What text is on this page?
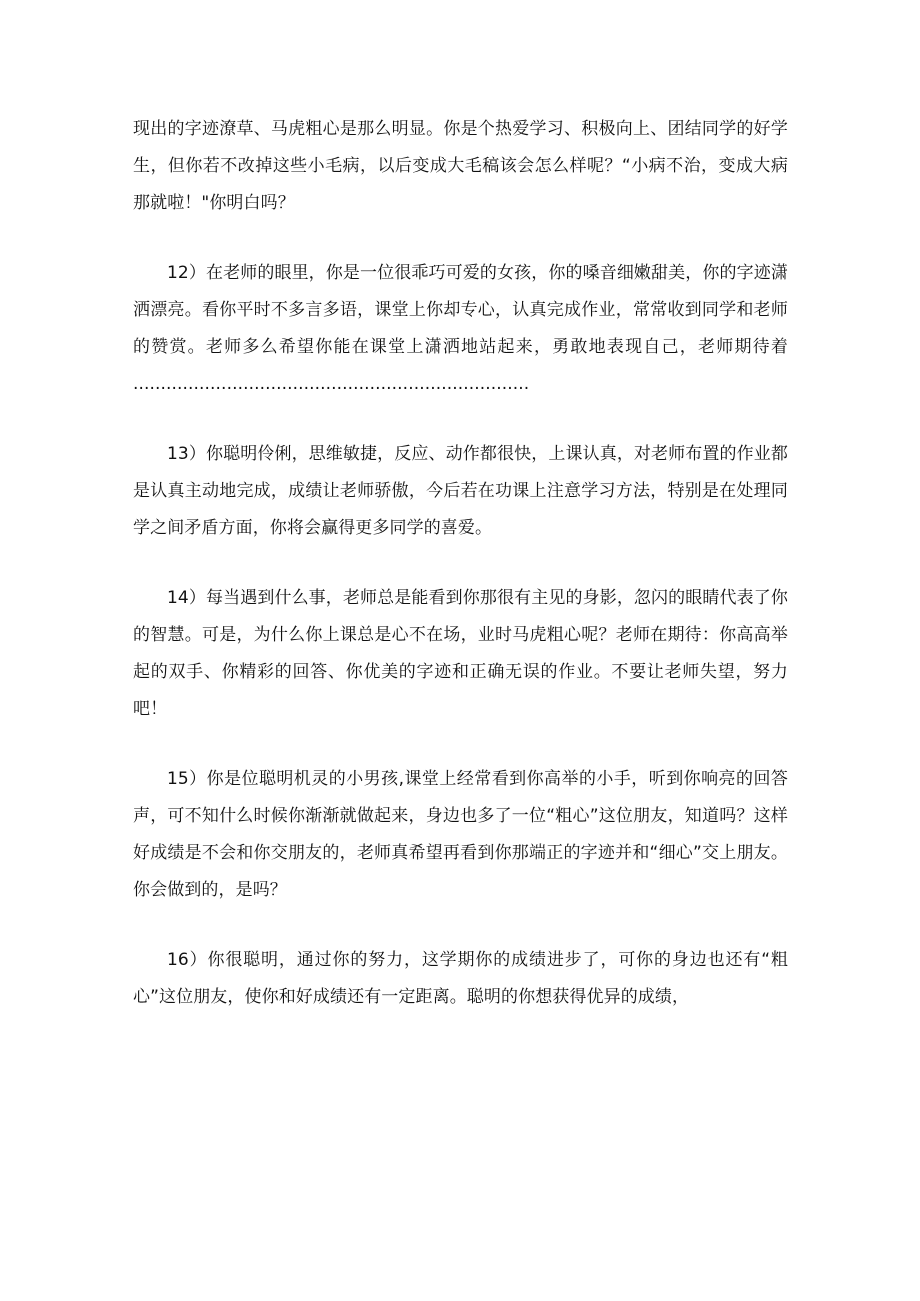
现出的字迹潦草、马虎粗心是那么明显。你是个热爱学习、积极向上、团结同学的好学生，但你若不改掉这些小毛病，以后变成大毛稿该会怎么样呢？“小病不治，变成大病那就啦！"你明白吗？

12）在老师的眼里，你是一位很乖巧可爱的女孩，你的嗓音细嫩甜美，你的字迹潇洒漂亮。看你平时不多言多语，课堂上你却专心，认真完成作业，常常收到同学和老师的赞赏。老师多么希望你能在课堂上潇洒地站起来，勇敢地表现自己，老师期待着 ........................................................................

13）你聪明伶俐，思维敏捷，反应、动作都很快，上课认真，对老师布置的作业都是认真主动地完成，成绩让老师骄傲，今后若在功课上注意学习方法，特别是在处理同学之间矛盾方面，你将会赢得更多同学的喜爱。

14）每当遇到什么事，老师总是能看到你那很有主见的身影，忽闪的眼睛代表了你的智慧。可是，为什么你上课总是心不在场，业时马虎粗心呢？老师在期待：你高高举起的双手、你精彩的回答、你优美的字迹和正确无误的作业。不要让老师失望，努力吧！

15）你是位聪明机灵的小男孩,课堂上经常看到你高举的小手，听到你响亮的回答声，可不知什么时候你渐渐就做起来，身边也多了一位“粗心”这位朋友，知道吗？这样好成绩是不会和你交朋友的，老师真希望再看到你那端正的字迹并和“细心”交上朋友。你会做到的，是吗？

16）你很聪明，通过你的努力，这学期你的成绩进步了，可你的身边也还有“粗心”这位朋友，使你和好成绩还有一定距离。聪明的你想获得优异的成绩，
